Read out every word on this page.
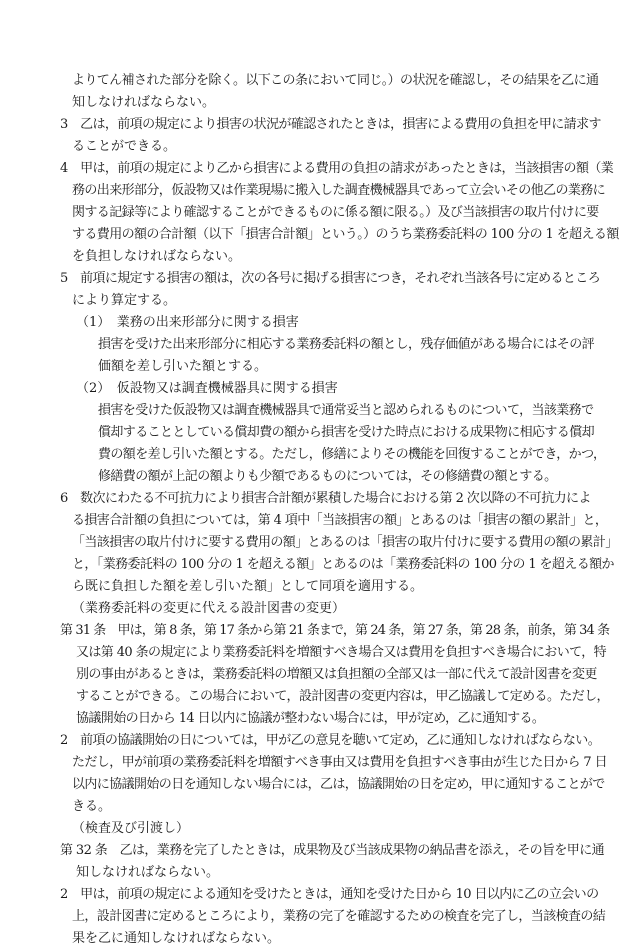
よりてん補された部分を除く。以下この条において同じ。）の状況を確認し，その結果を乙に通
知しなければならない。
3　乙は，前項の規定により損害の状況が確認されたときは，損害による費用の負担を甲に請求す
ることができる。
4　甲は，前項の規定により乙から損害による費用の負担の請求があったときは，当該損害の額（業
務の出来形部分，仮設物又は作業現場に搬入した調査機械器具であって立会いその他乙の業務に
関する記録等により確認することができるものに係る額に限る。）及び当該損害の取片付けに要
する費用の額の合計額（以下「損害合計額」という。）のうち業務委託料の 100 分の 1 を超える額
を負担しなければならない。
5　前項に規定する損害の額は，次の各号に掲げる損害につき，それぞれ当該各号に定めるところ
により算定する。
（1）　業務の出来形部分に関する損害
損害を受けた出来形部分に相応する業務委託料の額とし，残存価値がある場合にはその評
価額を差し引いた額とする。
（2）　仮設物又は調査機械器具に関する損害
損害を受けた仮設物又は調査機械器具で通常妥当と認められるものについて，当該業務で
償却することとしている償却費の額から損害を受けた時点における成果物に相応する償却
費の額を差し引いた額とする。ただし，修繕によりその機能を回復することができ，かつ，
修繕費の額が上記の額よりも少額であるものについては，その修繕費の額とする。
6　数次にわたる不可抗力により損害合計額が累積した場合における第 2 次以降の不可抗力によ
る損害合計額の負担については，第 4 項中「当該損害の額」とあるのは「損害の額の累計」と，
「当該損害の取片付けに要する費用の額」とあるのは「損害の取片付けに要する費用の額の累計」
と，「業務委託料の 100 分の 1 を超える額」とあるのは「業務委託料の 100 分の 1 を超える額か
ら既に負担した額を差し引いた額」として同項を適用する。
（業務委託料の変更に代える設計図書の変更）
第 31 条　甲は，第 8 条，第 17 条から第 21 条まで，第 24 条，第 27 条，第 28 条，前条，第 34 条
又は第 40 条の規定により業務委託料を増額すべき場合又は費用を負担すべき場合において，特
別の事由があるときは，業務委託料の増額又は負担額の全部又は一部に代えて設計図書を変更
することができる。この場合において，設計図書の変更内容は，甲乙協議して定める。ただし，
協議開始の日から 14 日以内に協議が整わない場合には，甲が定め，乙に通知する。
2　前項の協議開始の日については，甲が乙の意見を聴いて定め，乙に通知しなければならない。
ただし，甲が前項の業務委託料を増額すべき事由又は費用を負担すべき事由が生じた日から 7 日
以内に協議開始の日を通知しない場合には，乙は，協議開始の日を定め，甲に通知することがで
きる。
（検査及び引渡し）
第 32 条　乙は，業務を完了したときは，成果物及び当該成果物の納品書を添え，その旨を甲に通
知しなければならない。
2　甲は，前項の規定による通知を受けたときは，通知を受けた日から 10 日以内に乙の立会いの
上，設計図書に定めるところにより，業務の完了を確認するための検査を完了し，当該検査の結
果を乙に通知しなければならない。
